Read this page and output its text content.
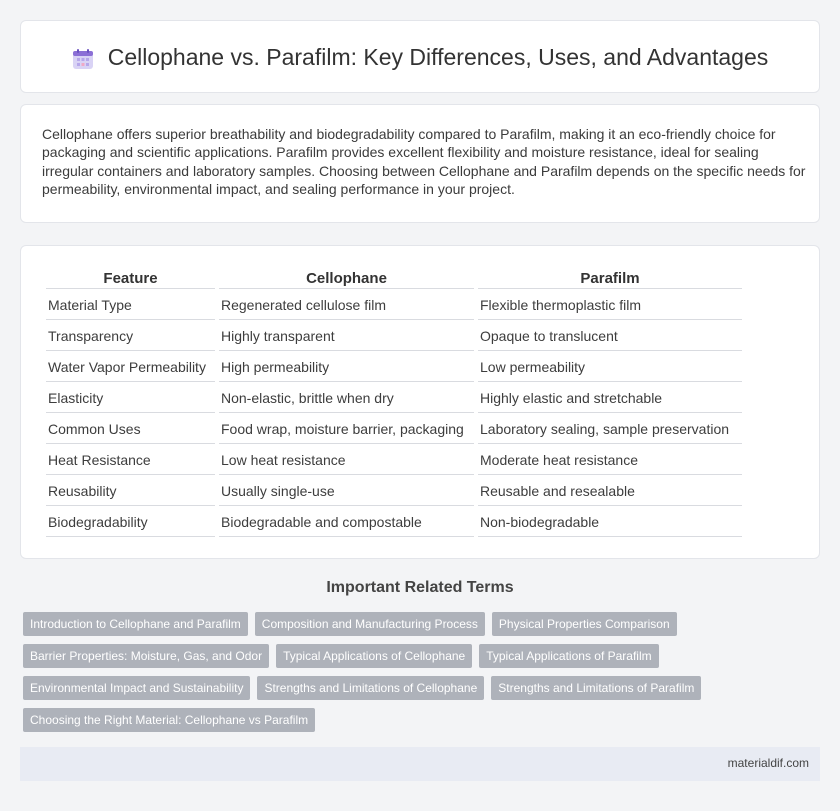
Cellophane vs. Parafilm: Key Differences, Uses, and Advantages

Cellophane offers superior breathability and biodegradability compared to Parafilm, making it an eco-friendly choice for packaging and scientific applications. Parafilm provides excellent flexibility and moisture resistance, ideal for sealing irregular containers and laboratory samples. Choosing between Cellophane and Parafilm depends on the specific needs for permeability, environmental impact, and sealing performance in your project.

Feature	Cellophane	Parafilm
Material Type	Regenerated cellulose film	Flexible thermoplastic film
Transparency	Highly transparent	Opaque to translucent
Water Vapor Permeability	High permeability	Low permeability
Elasticity	Non-elastic, brittle when dry	Highly elastic and stretchable
Common Uses	Food wrap, moisture barrier, packaging	Laboratory sealing, sample preservation
Heat Resistance	Low heat resistance	Moderate heat resistance
Reusability	Usually single-use	Reusable and resealable
Biodegradability	Biodegradable and compostable	Non-biodegradable
Important Related Terms
Introduction to Cellophane and Parafilm	Composition and Manufacturing Process	Physical Properties Comparison
Barrier Properties: Moisture, Gas, and Odor	Typical Applications of Cellophane	Typical Applications of Parafilm
Environmental Impact and Sustainability	Strengths and Limitations of Cellophane	Strengths and Limitations of Parafilm
Choosing the Right Material: Cellophane vs Parafilm
materialdif.com
